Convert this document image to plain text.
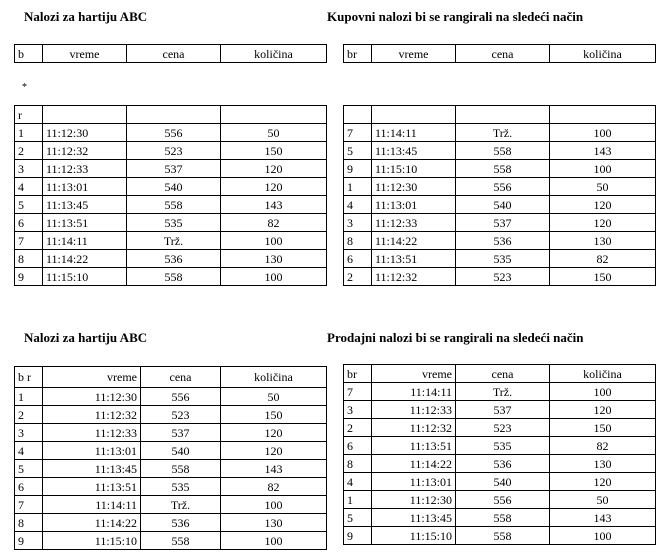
Nalozi za hartiju ABC
b	vreme	cena	količina
*
r			
1	11:12:30	556	50
2	11:12:32	523	150
3	11:12:33	537	120
4	11:13:01	540	120
5	11:13:45	558	143
6	11:13:51	535	82
7	11:14:11	Trž.	100
8	11:14:22	536	130
9	11:15:10	558	100
Kupovni nalozi bi se rangirali na sledeći način
br	vreme	cena	količina

7	11:14:11	Trž.	100
5	11:13:45	558	143
9	11:15:10	558	100
1	11:12:30	556	50
4	11:13:01	540	120
3	11:12:33	537	120
8	11:14:22	536	130
6	11:13:51	535	82
2	11:12:32	523	150
Nalozi za hartiju ABC
b r	vreme	cena	količina
1	11:12:30	556	50
2	11:12:32	523	150
3	11:12:33	537	120
4	11:13:01	540	120
5	11:13:45	558	143
6	11:13:51	535	82
7	11:14:11	Trž.	100
8	11:14:22	536	130
9	11:15:10	558	100
Prodajni nalozi bi se rangirali na sledeći način
br	vreme	cena	količina
7	11:14:11	Trž.	100
3	11:12:33	537	120
2	11:12:32	523	150
6	11:13:51	535	82
8	11:14:22	536	130
4	11:13:01	540	120
1	11:12:30	556	50
5	11:13:45	558	143
9	11:15:10	558	100
